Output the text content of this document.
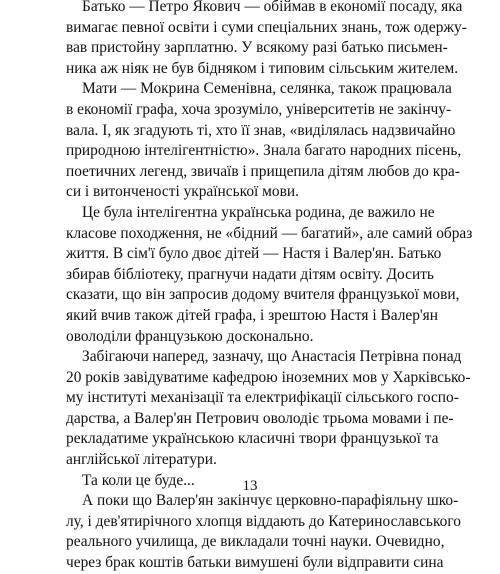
Батько — Петро Якович — обіймав в економії посаду, яка
вимагає певної освіти і суми спеціальних знань, тож одержу-
вав пристойну зарплатню. У всякому разі батько письмен-
ника аж ніяк не був бідняком і типовим сільським жителем.
Мати — Мокрина Семенівна, селянка, також працювала
в економії графа, хоча зрозуміло, університетів не закінчу-
вала. І, як згадують ті, хто її знав, «виділялась надзвичайно
природною інтелігентністю». Знала багато народних пісень,
поетичних легенд, звичаїв і прищепила дітям любов до кра-
си і витонченості української мови.
Це була інтелігентна українська родина, де важило не
класове походження, не «бідний — багатий», але самий образ
життя. В сім'ї було двоє дітей — Настя і Валер'ян. Батько
збирав бібліотеку, прагнучи надати дітям освіту. Досить
сказати, що він запросив додому вчителя французької мови,
який вчив також дітей графа, і зрештою Настя і Валер'ян
оволоділи французькою досконально.
Забігаючи наперед, зазначу, що Анастасія Петрівна понад
20 років завідуватиме кафедрою іноземних мов у Харківсько-
му інституті механізації та електрифікації сільського госпо-
дарства, а Валер'ян Петрович оволодіє трьома мовами і пе-
рекладатиме українською класичні твори французької та
англійської літератури.
Та коли це буде...
А поки що Валер'ян закінчує церковно-парафіяльну шко-
лу, і дев'ятирічного хлопця віддають до Катеринославського
реального училища, де викладали точні науки. Очевидно,
через брак коштів батьки вимушені були відправити сина
13
